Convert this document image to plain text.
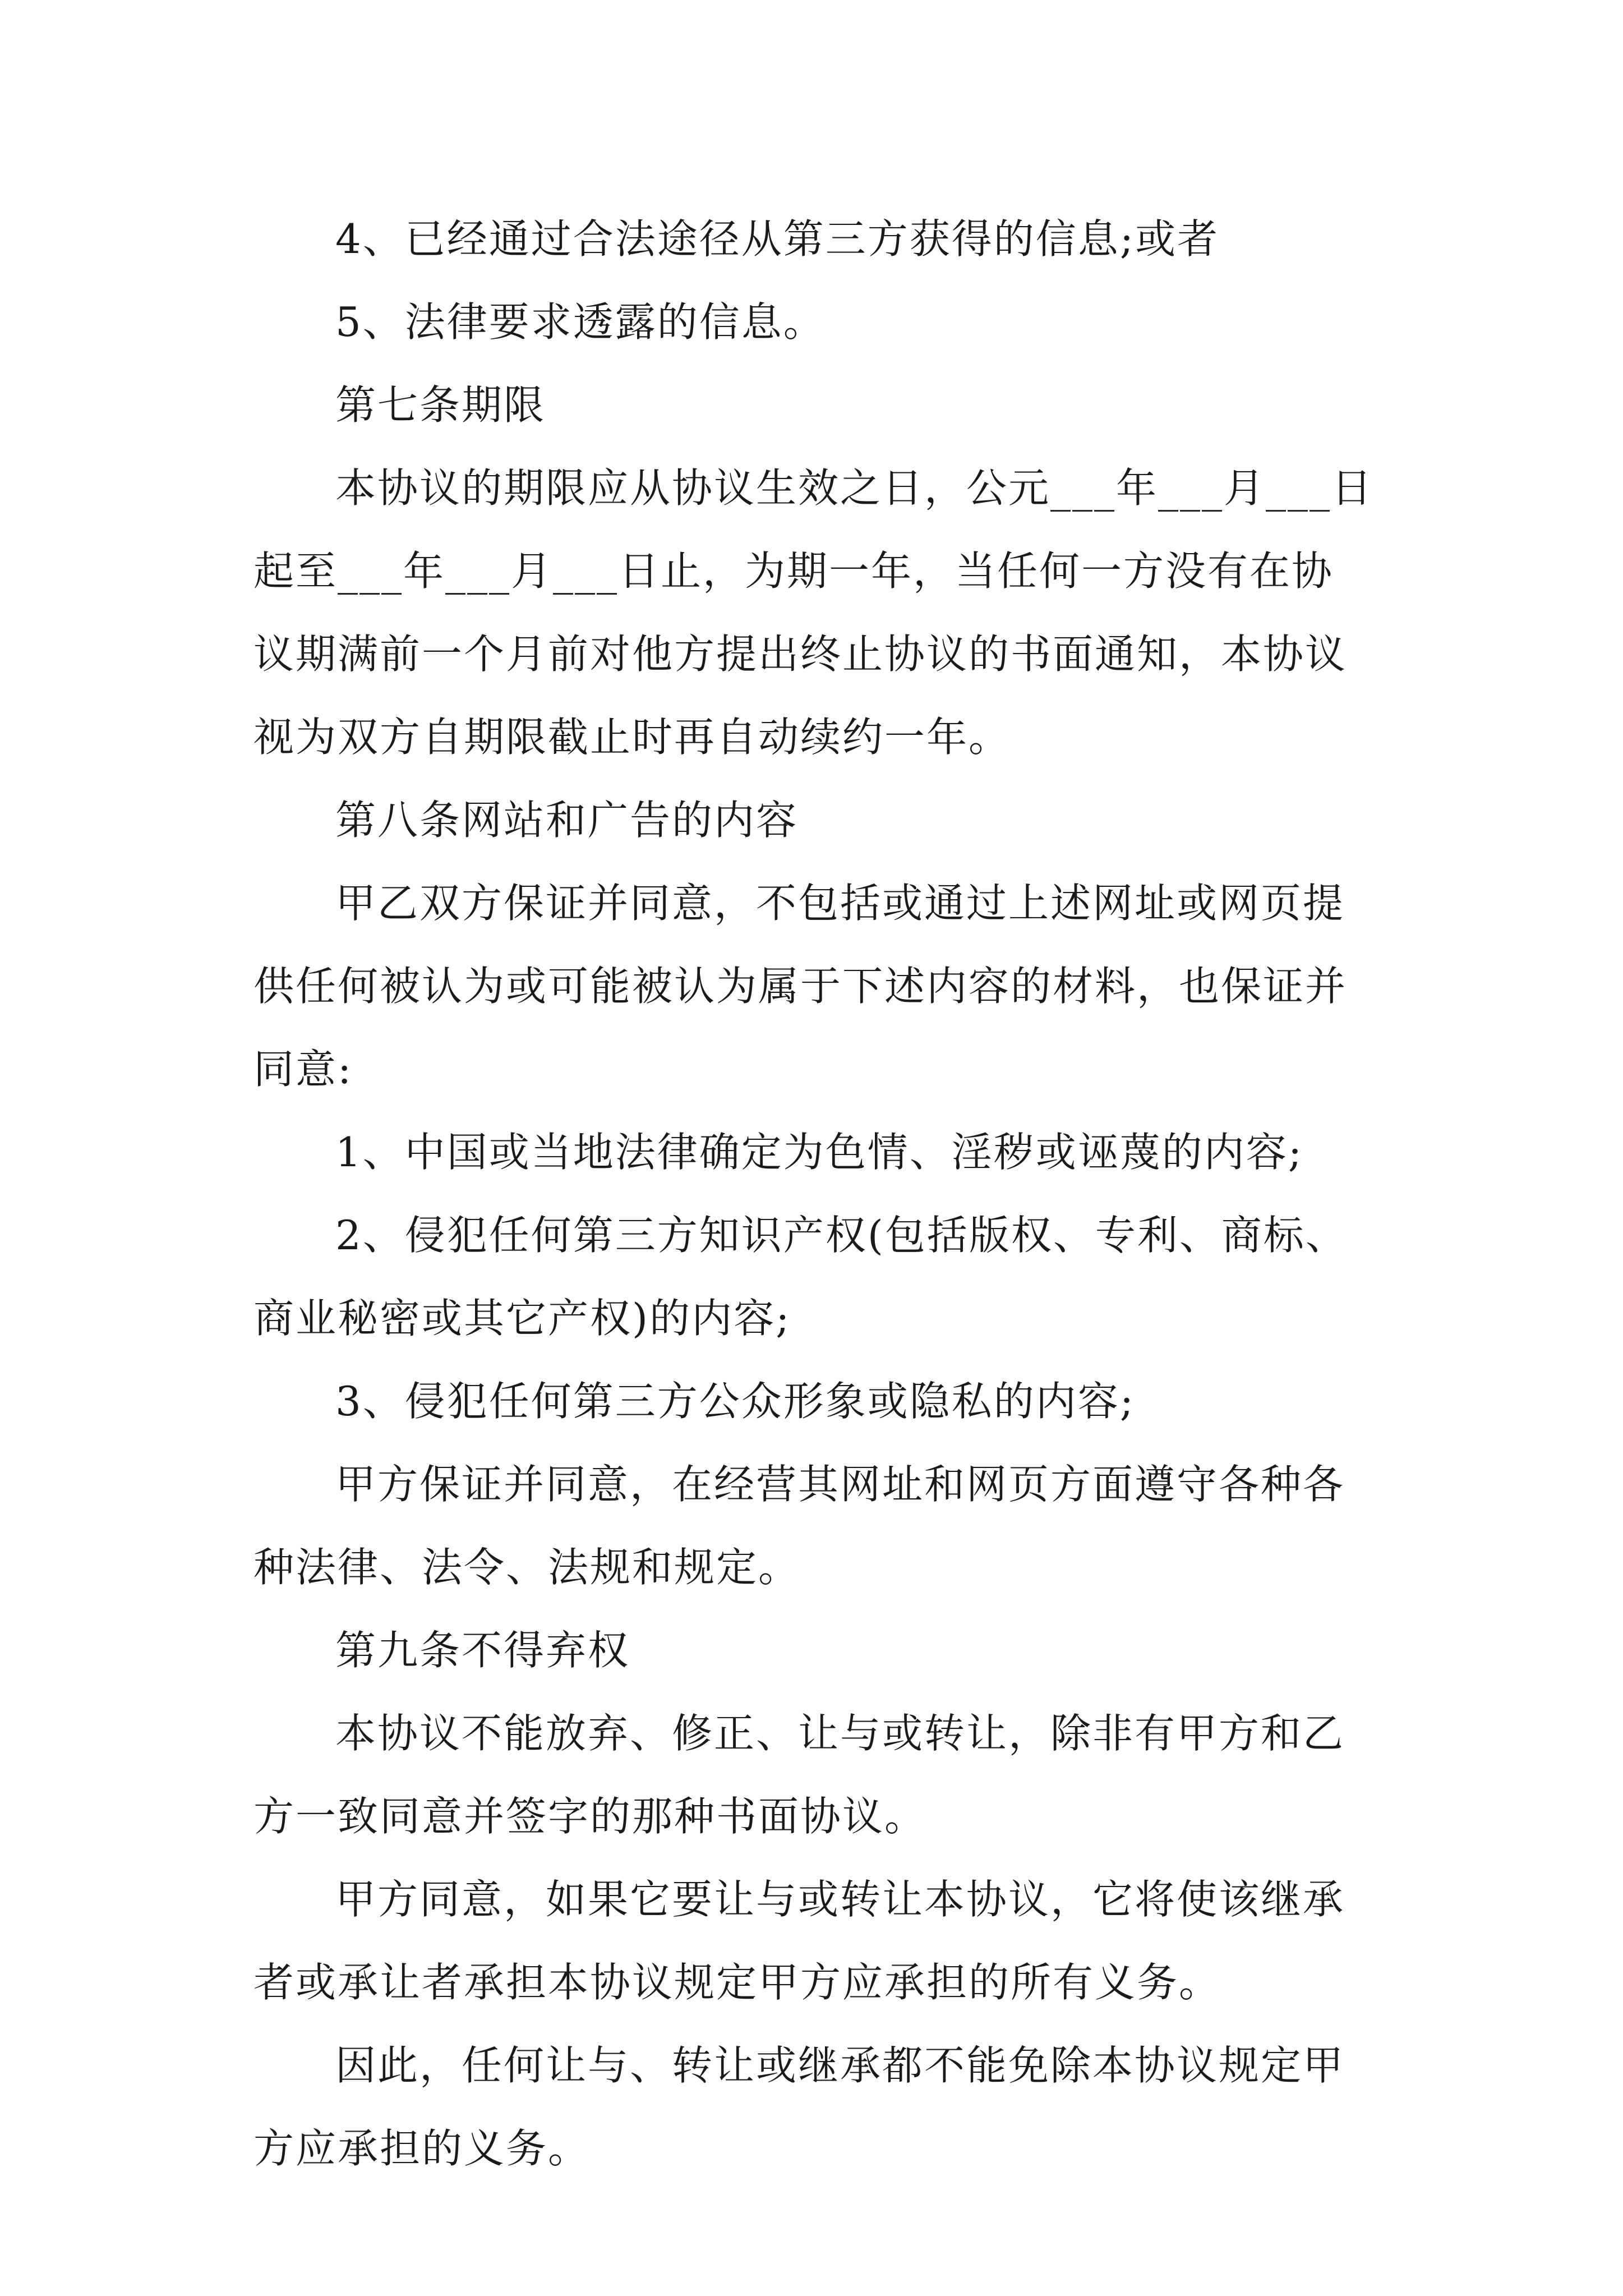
4、已经通过合法途径从第三方获得的信息;或者

5、法律要求透露的信息。

第七条期限

本协议的期限应从协议生效之日，公元___年___月___日起至___年___月___日止，为期一年，当任何一方没有在协议期满前一个月前对他方提出终止协议的书面通知，本协议视为双方自期限截止时再自动续约一年。

第八条网站和广告的内容

甲乙双方保证并同意，不包括或通过上述网址或网页提供任何被认为或可能被认为属于下述内容的材料，也保证并同意:

1、中国或当地法律确定为色情、淫秽或诬蔑的内容;

2、侵犯任何第三方知识产权(包括版权、专利、商标、商业秘密或其它产权)的内容;

3、侵犯任何第三方公众形象或隐私的内容;

甲方保证并同意，在经营其网址和网页方面遵守各种各种法律、法令、法规和规定。

第九条不得弃权

本协议不能放弃、修正、让与或转让，除非有甲方和乙方一致同意并签字的那种书面协议。

甲方同意，如果它要让与或转让本协议，它将使该继承者或承让者承担本协议规定甲方应承担的所有义务。

因此，任何让与、转让或继承都不能免除本协议规定甲方应承担的义务。
